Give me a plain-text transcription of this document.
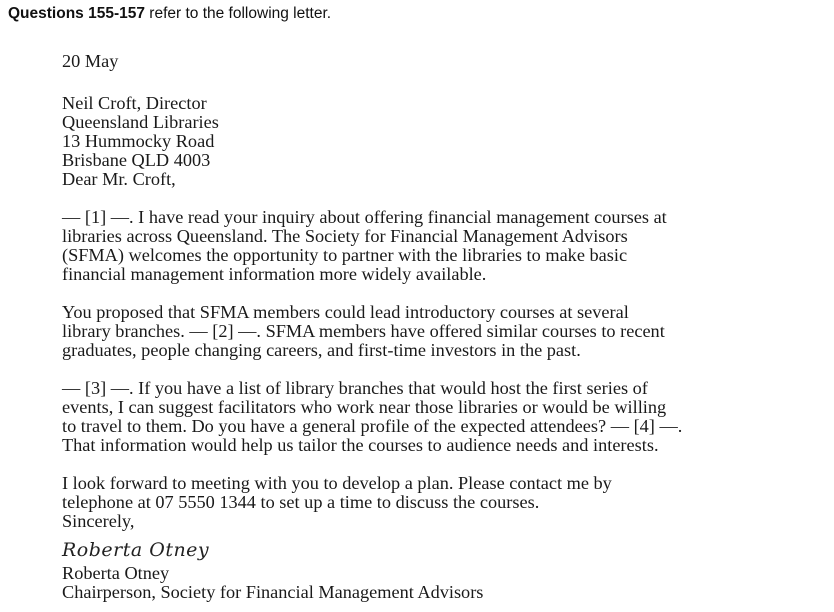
Questions 155-157 refer to the following letter.

20 May

Neil Croft, Director
Queensland Libraries
13 Hummocky Road
Brisbane QLD 4003

Dear Mr. Croft,

— [1] —. I have read your inquiry about offering financial management courses at
libraries across Queensland. The Society for Financial Management Advisors
(SFMA) welcomes the opportunity to partner with the libraries to make basic
financial management information more widely available.
You proposed that SFMA members could lead introductory courses at several
library branches. — [2] —. SFMA members have offered similar courses to recent
graduates, people changing careers, and first-time investors in the past.
— [3] —. If you have a list of library branches that would host the first series of
events, I can suggest facilitators who work near those libraries or would be willing
to travel to them. Do you have a general profile of the expected attendees? — [4] —.
That information would help us tailor the courses to audience needs and interests.
I look forward to meeting with you to develop a plan. Please contact me by
telephone at 07 5550 1344 to set up a time to discuss the courses.

Sincerely,

Roberta Otney
Roberta Otney
Chairperson, Society for Financial Management Advisors
